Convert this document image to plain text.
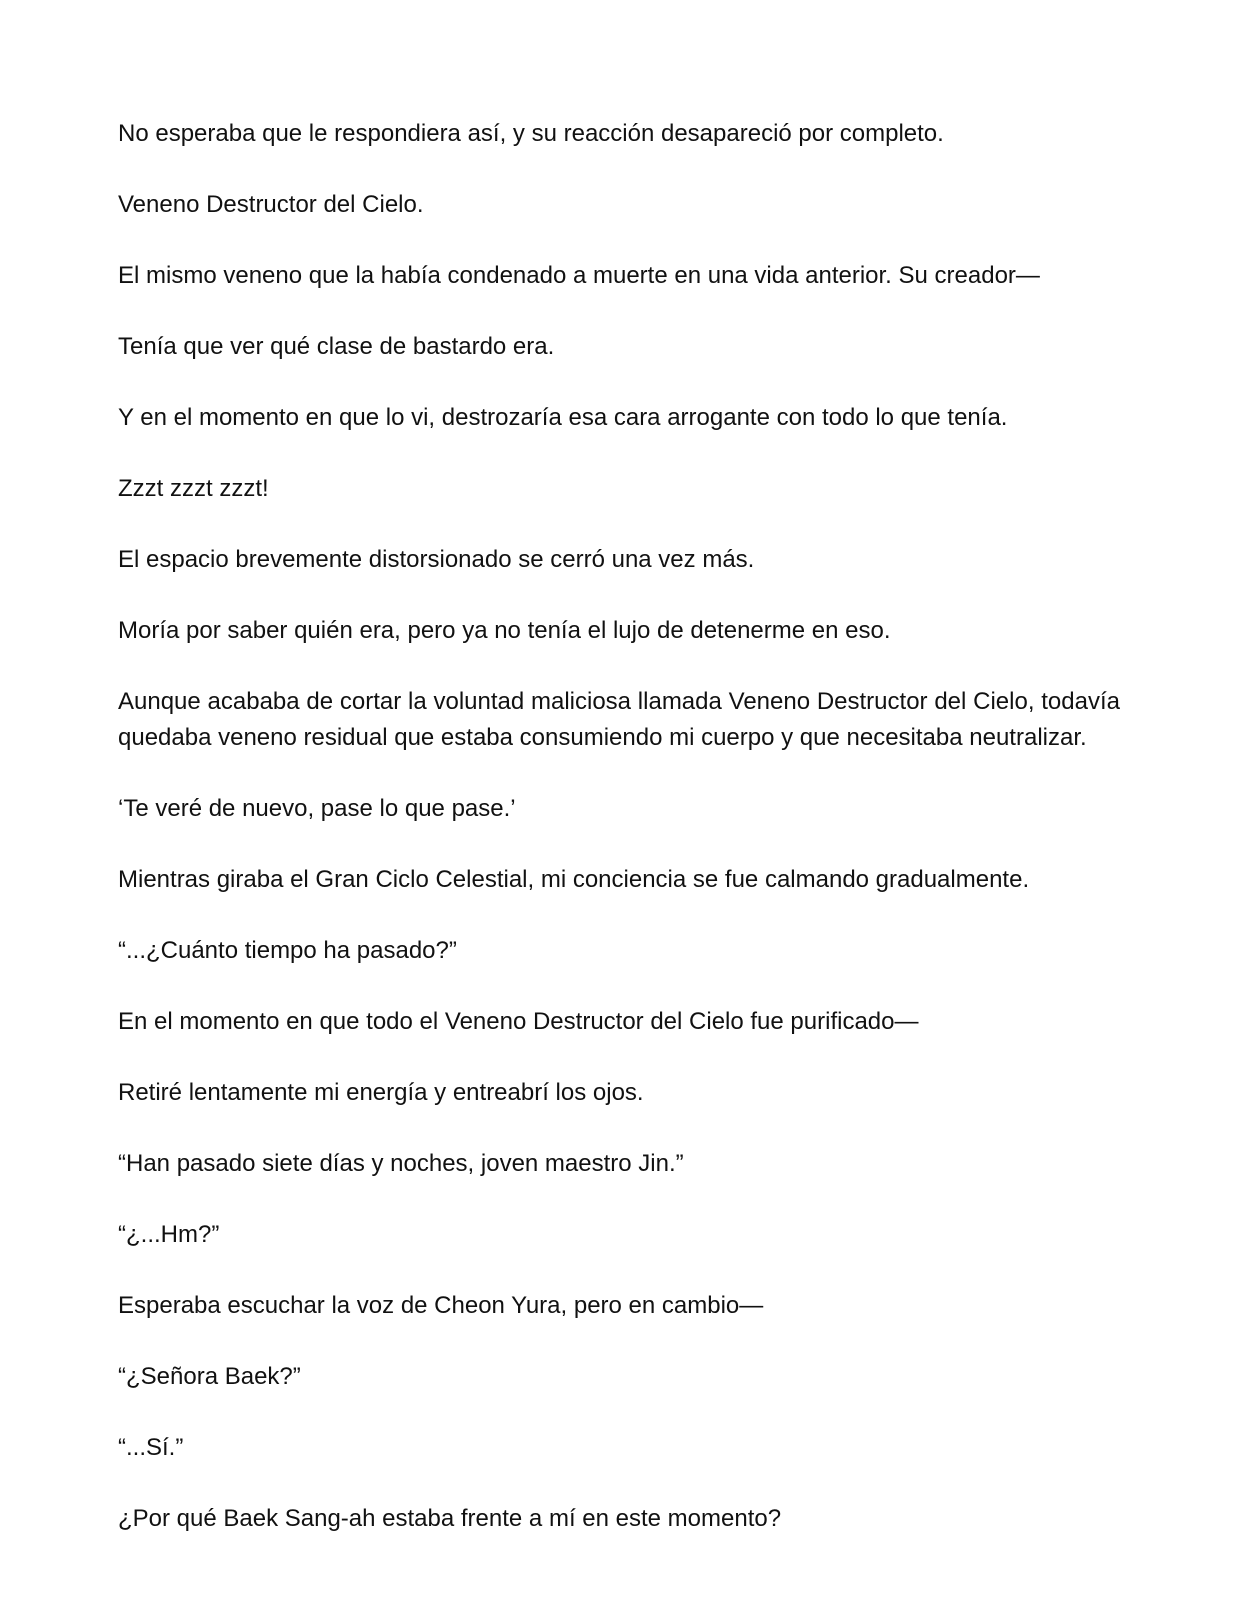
No esperaba que le respondiera así, y su reacción desapareció por completo.

Veneno Destructor del Cielo.

El mismo veneno que la había condenado a muerte en una vida anterior. Su creador—

Tenía que ver qué clase de bastardo era.

Y en el momento en que lo vi, destrozaría esa cara arrogante con todo lo que tenía.

Zzzt zzzt zzzt!

El espacio brevemente distorsionado se cerró una vez más.

Moría por saber quién era, pero ya no tenía el lujo de detenerme en eso.

Aunque acababa de cortar la voluntad maliciosa llamada Veneno Destructor del Cielo, todavía quedaba veneno residual que estaba consumiendo mi cuerpo y que necesitaba neutralizar.

‘Te veré de nuevo, pase lo que pase.’

Mientras giraba el Gran Ciclo Celestial, mi conciencia se fue calmando gradualmente.

“...¿Cuánto tiempo ha pasado?”

En el momento en que todo el Veneno Destructor del Cielo fue purificado—

Retiré lentamente mi energía y entreabrí los ojos.

“Han pasado siete días y noches, joven maestro Jin.”

“¿...Hm?”

Esperaba escuchar la voz de Cheon Yura, pero en cambio—

“¿Señora Baek?”

“...Sí.”

¿Por qué Baek Sang-ah estaba frente a mí en este momento?
